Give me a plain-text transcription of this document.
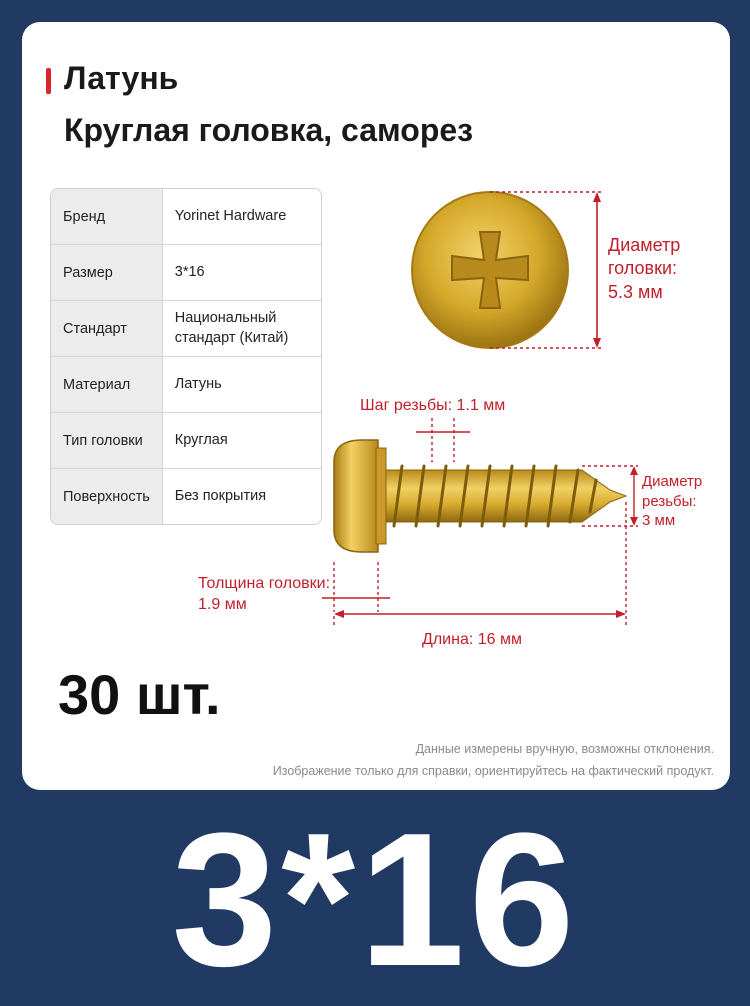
Латунь
Круглая головка, саморез
Бренд	Yorinet Hardware
Размер	3*16
Стандарт	Национальный стандарт (Китай)
Материал	Латунь
Тип головки	Круглая
Поверхность	Без покрытия
Диаметр
головки:
5.3 мм
Шаг резьбы: 1.1 мм
Диаметр
резьбы:
3 мм
Толщина головки:
1.9 мм
Длина: 16 мм
30 шт.
Данные измерены вручную, возможны отклонения.
Изображение только для справки, ориентируйтесь на фактический продукт.
3*16
